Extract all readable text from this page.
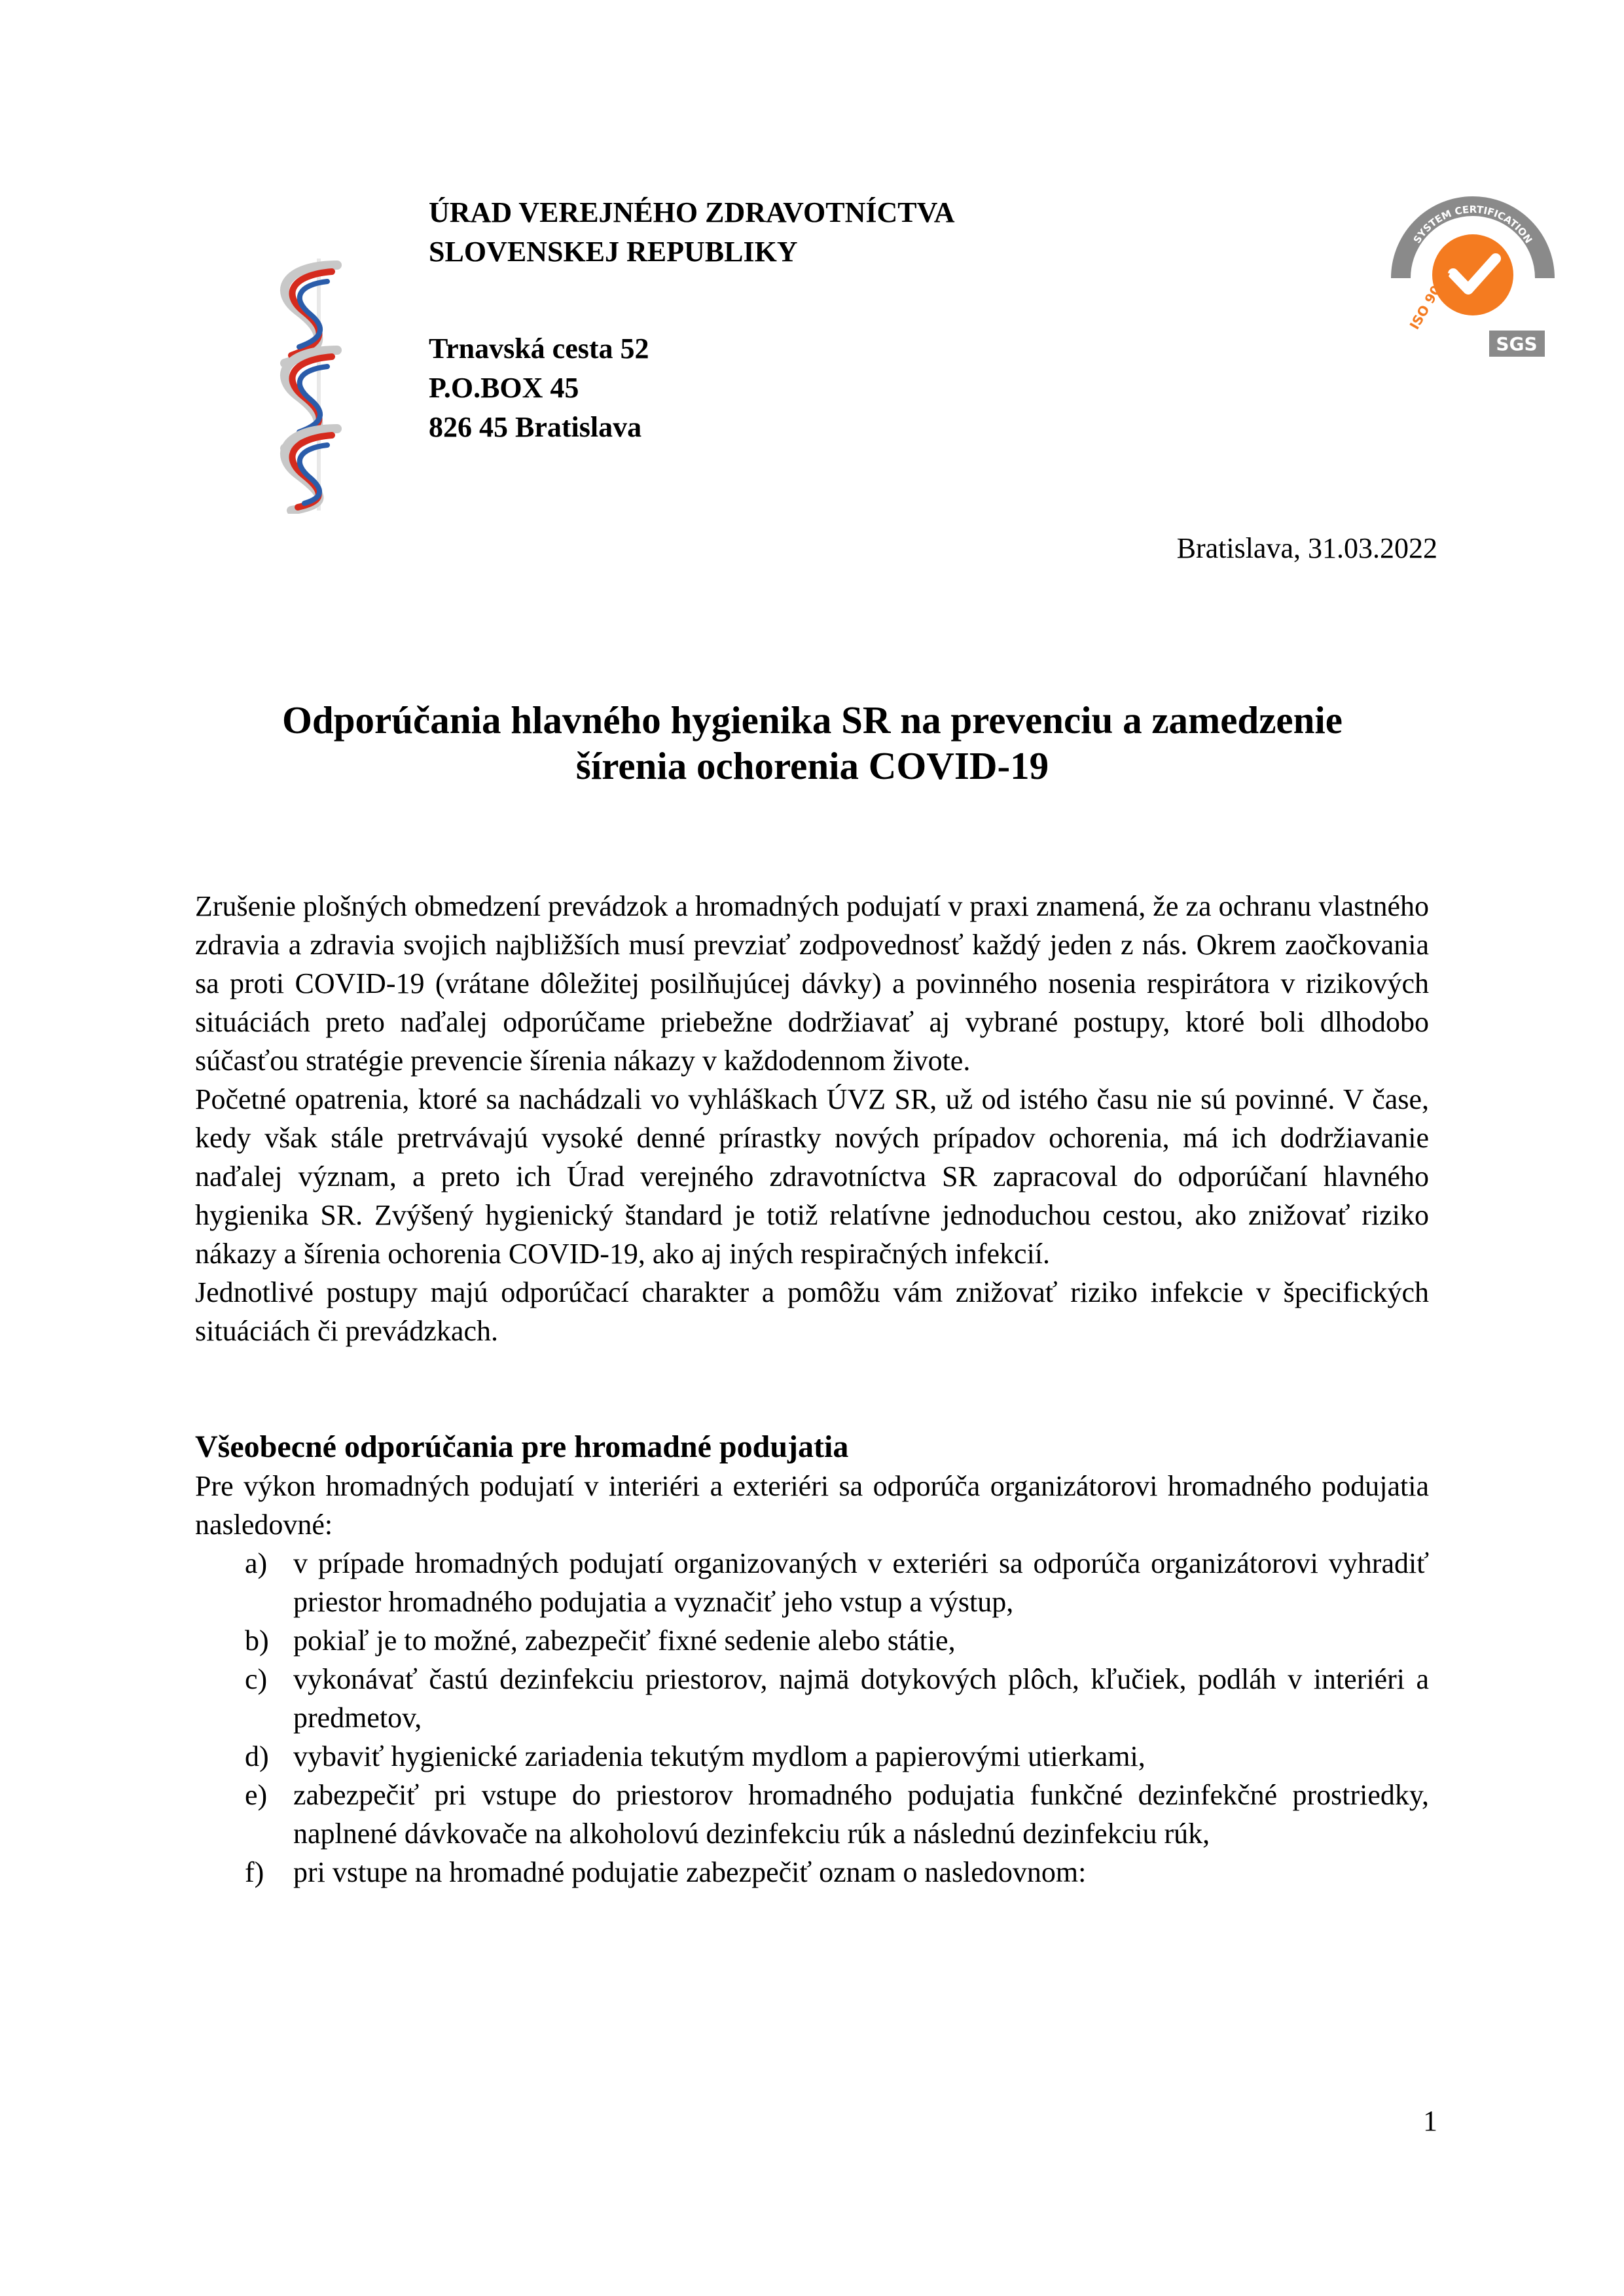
SYSTEM CERTIFICATION
ISO 9001
SGS
ÚRAD VEREJNÉHO ZDRAVOTNÍCTVA
SLOVENSKEJ REPUBLIKY
Trnavská cesta 52
P.O.BOX 45
826 45 Bratislava
Bratislava, 31.03.2022
Odporúčania hlavného hygienika SR na prevenciu a zamedzenie
šírenia ochorenia COVID-19

Zrušenie plošných obmedzení prevádzok a hromadných podujatí v praxi znamená, že za ochranu vlastného zdravia a zdravia svojich najbližších musí prevziať zodpovednosť každý jeden z nás. Okrem zaočkovania sa proti COVID-19 (vrátane dôležitej posilňujúcej dávky) a povinného nosenia respirátora v rizikových situáciách preto naďalej odporúčame priebežne dodržiavať aj vybrané postupy, ktoré boli dlhodobo súčasťou stratégie prevencie šírenia nákazy v každodennom živote.

Početné opatrenia, ktoré sa nachádzali vo vyhláškach ÚVZ SR, už od istého času nie sú povinné. V čase, kedy však stále pretrvávajú vysoké denné prírastky nových prípadov ochorenia, má ich dodržiavanie naďalej význam, a preto ich Úrad verejného zdravotníctva SR zapracoval do odporúčaní hlavného hygienika SR. Zvýšený hygienický štandard je totiž relatívne jednoduchou cestou, ako znižovať riziko nákazy a šírenia ochorenia COVID-19, ako aj iných respiračných infekcií.

Jednotlivé postupy majú odporúčací charakter a pomôžu vám znižovať riziko infekcie v špecifických situáciách či prevádzkach.

Všeobecné odporúčania pre hromadné podujatia

Pre výkon hromadných podujatí v interiéri a exteriéri sa odporúča organizátorovi hromadného podujatia nasledovné:

a) v prípade hromadných podujatí organizovaných v exteriéri sa odporúča organizátorovi vyhradiť priestor hromadného podujatia a vyznačiť jeho vstup a výstup,
b) pokiaľ je to možné, zabezpečiť fixné sedenie alebo státie,
c) vykonávať častú dezinfekciu priestorov, najmä dotykových plôch, kľučiek, podláh v interiéri a predmetov,
d) vybaviť hygienické zariadenia tekutým mydlom a papierovými utierkami,
e) zabezpečiť pri vstupe do priestorov hromadného podujatia funkčné dezinfekčné prostriedky, naplnené dávkovače na alkoholovú dezinfekciu rúk a následnú dezinfekciu rúk,
f) pri vstupe na hromadné podujatie zabezpečiť oznam o nasledovnom:
1
